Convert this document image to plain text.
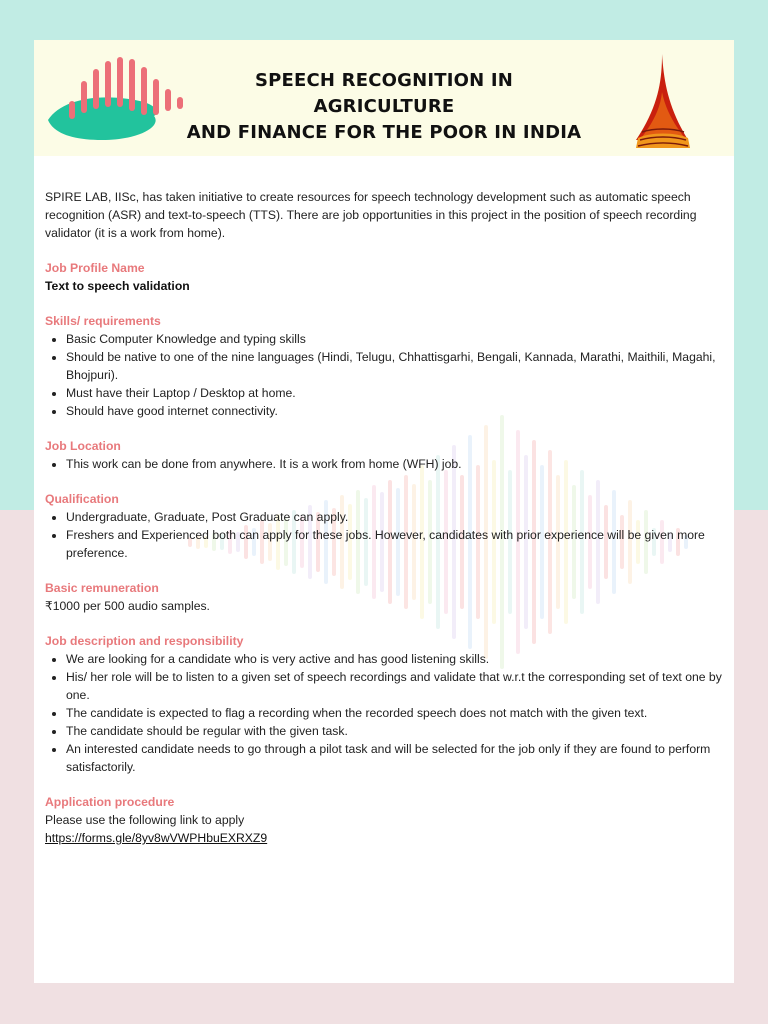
SPEECH RECOGNITION IN AGRICULTURE
AND FINANCE FOR THE POOR IN INDIA

SPIRE LAB, IISc, has taken initiative to create resources for speech technology development such as automatic speech recognition (ASR) and text-to-speech (TTS). There are job opportunities in this project in the position of speech recording validator (it is a work from home).

Job Profile Name

Text to speech validation

Skills/ requirements

• Basic Computer Knowledge and typing skills
• Should be native to one of the nine languages (Hindi, Telugu, Chhattisgarhi, Bengali, Kannada, Marathi, Maithili, Magahi, Bhojpuri).
• Must have their Laptop / Desktop at home.
• Should have good internet connectivity.

Job Location

• This work can be done from anywhere. It is a work from home (WFH) job.

Qualification

• Undergraduate, Graduate, Post Graduate can apply.
• Freshers and Experienced both can apply for these jobs. However, candidates with prior experience will be given more preference.

Basic remuneration

₹1000 per 500 audio samples.

Job description and responsibility

• We are looking for a candidate who is very active and has good listening skills.
• His/ her role will be to listen to a given set of speech recordings and validate that w.r.t the corresponding set of text one by one.
• The candidate is expected to flag a recording when the recorded speech does not match with the given text.
• The candidate should be regular with the given task.
• An interested candidate needs to go through a pilot task and will be selected for the job only if they are found to perform satisfactorily.

Application procedure

Please use the following link to apply

https://forms.gle/8yv8wVWPHbuEXRXZ9
